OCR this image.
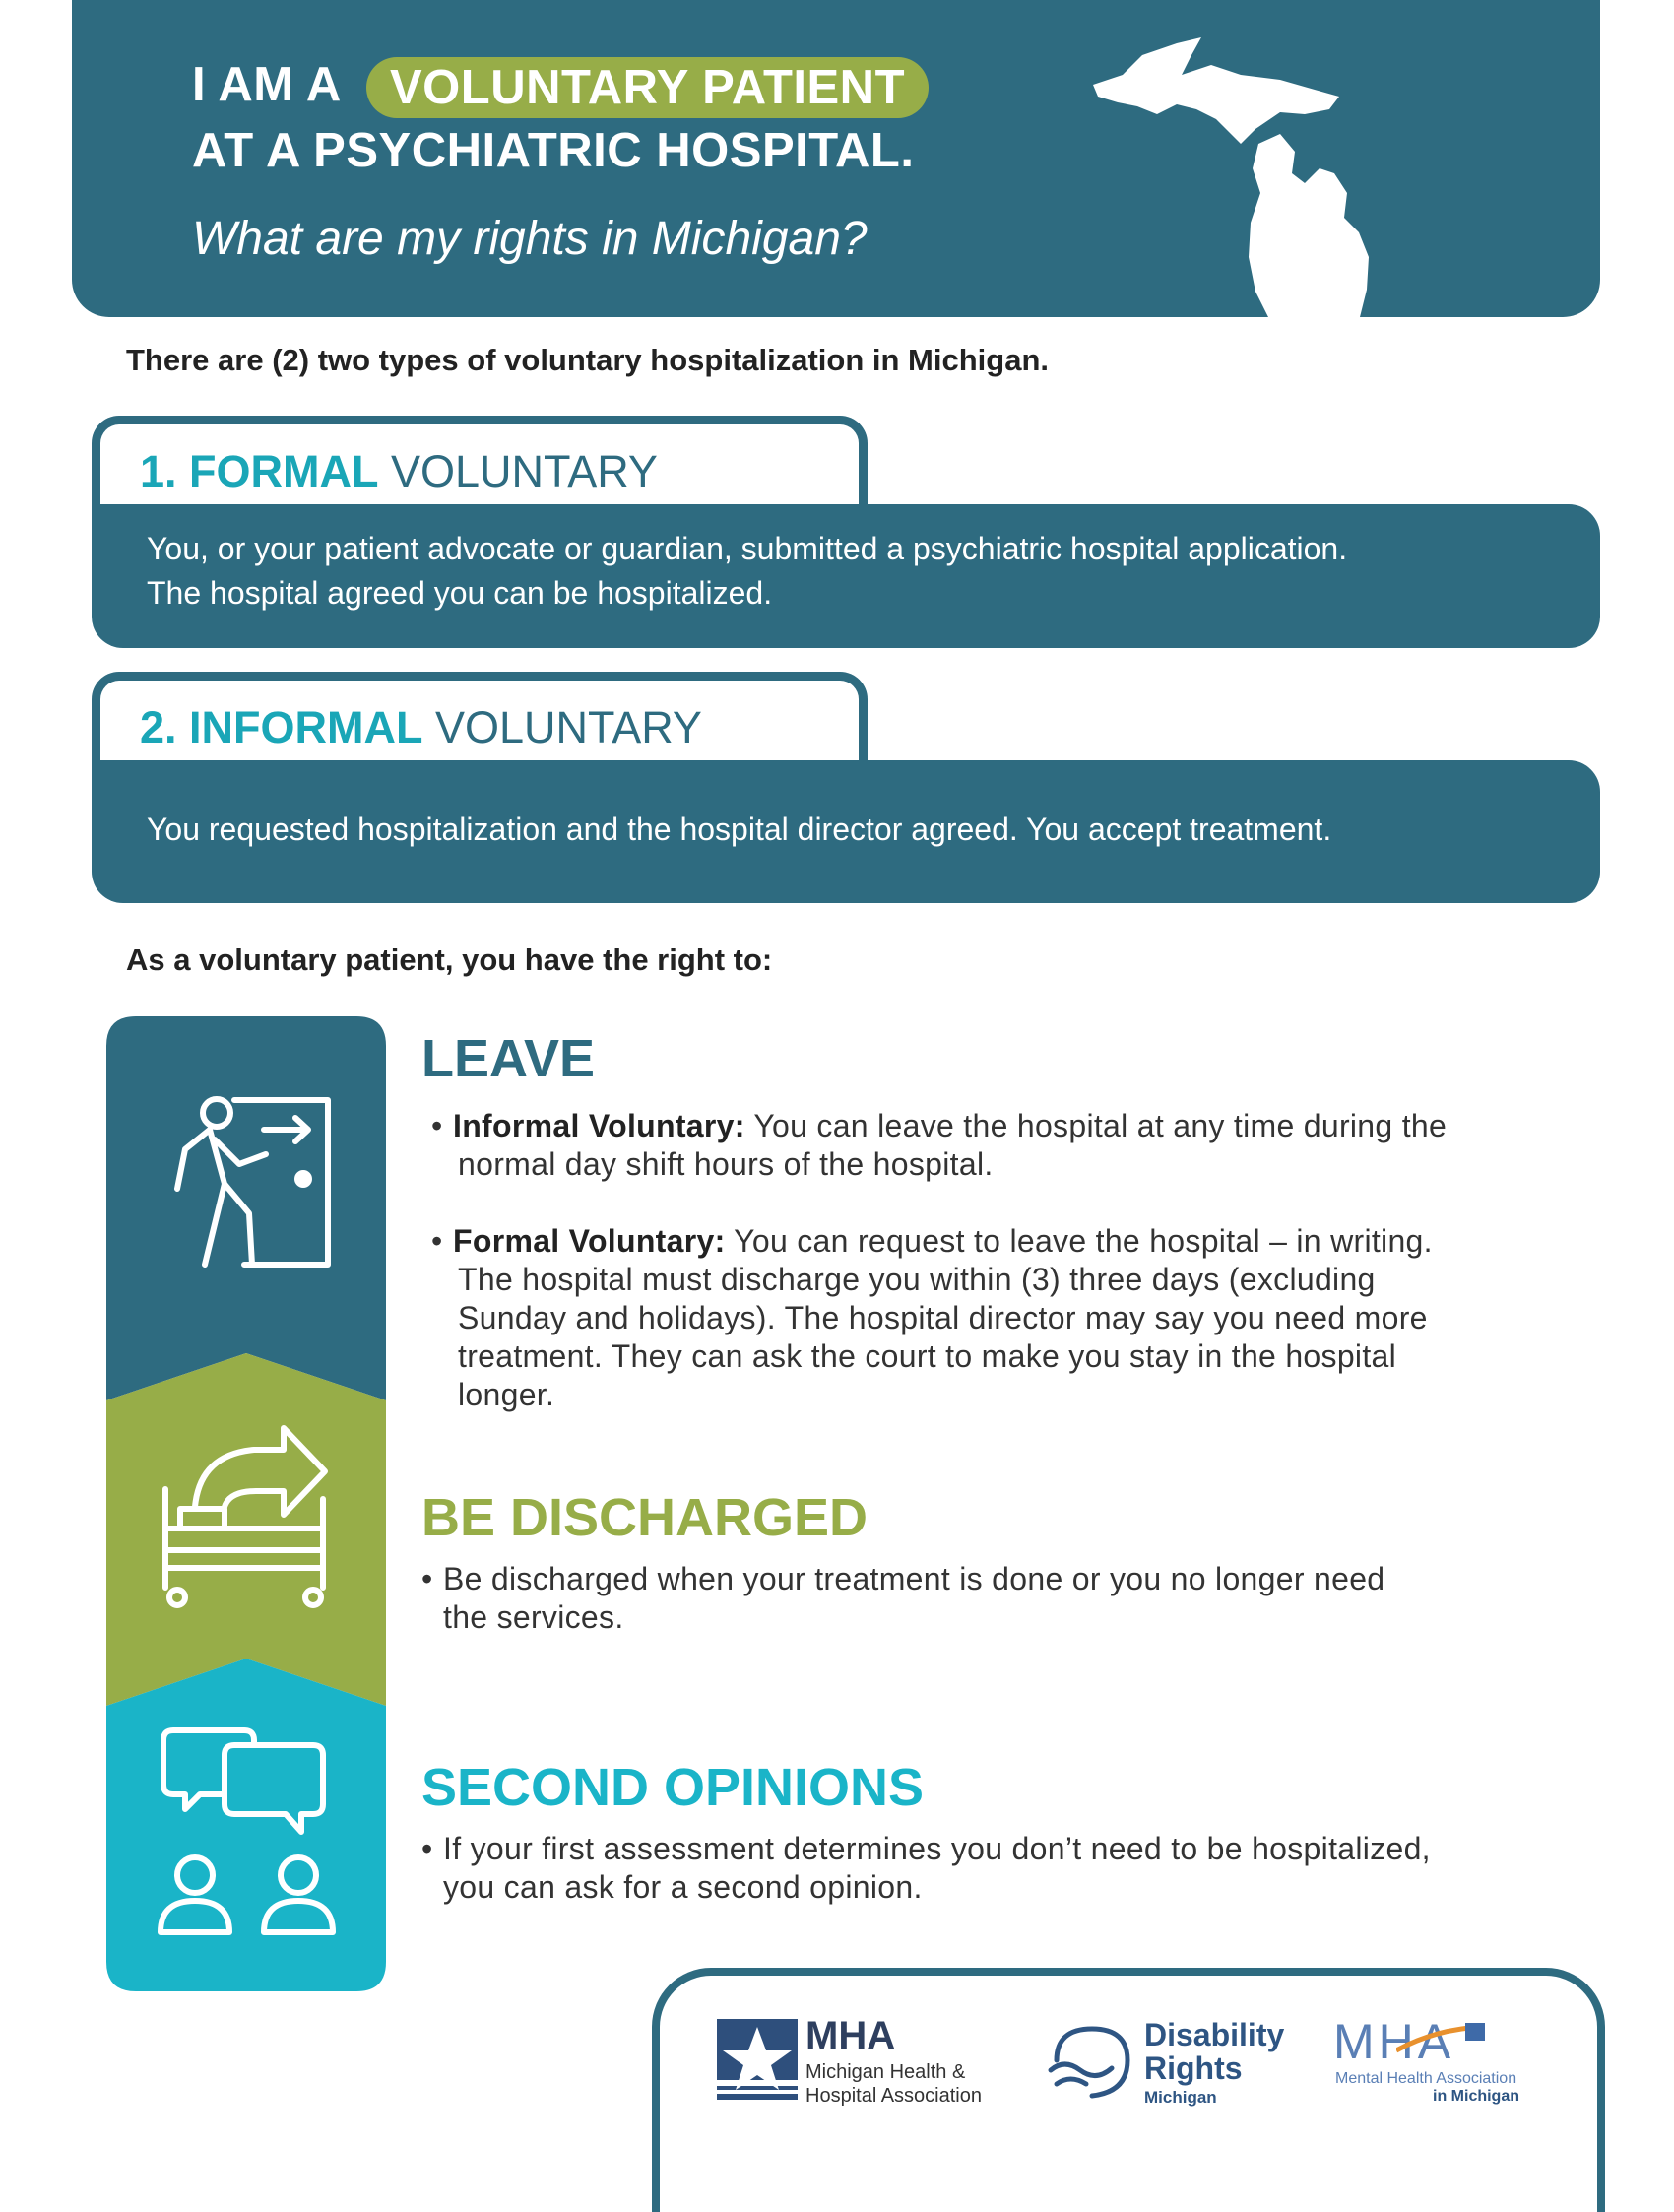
I AM A	VOLUNTARY PATIENT
AT A PSYCHIATRIC HOSPITAL.
What are my rights in Michigan?
There are (2) two types of voluntary hospitalization in Michigan.
1. FORMAL VOLUNTARY
You, or your patient advocate or guardian, submitted a psychiatric hospital application.
The hospital agreed you can be hospitalized.
2. INFORMAL VOLUNTARY
You requested hospitalization and the hospital director agreed. You accept treatment.
As a voluntary patient, you have the right to:
LEAVE
• Informal Voluntary: You can leave the hospital at any time during the
normal day shift hours of the hospital.
• Formal Voluntary: You can request to leave the hospital – in writing.
The hospital must discharge you within (3) three days (excluding
Sunday and holidays). The hospital director may say you need more
treatment. They can ask the court to make you stay in the hospital
longer.
BE DISCHARGED
• Be discharged when your treatment is done or you no longer need
the services.
SECOND OPINIONS
• If your first assessment determines you don’t need to be hospitalized,
you can ask for a second opinion.
MHA
Michigan Health &
Hospital Association
Disability
Rights
Michigan
MHA
Mental Health Association
in Michigan
